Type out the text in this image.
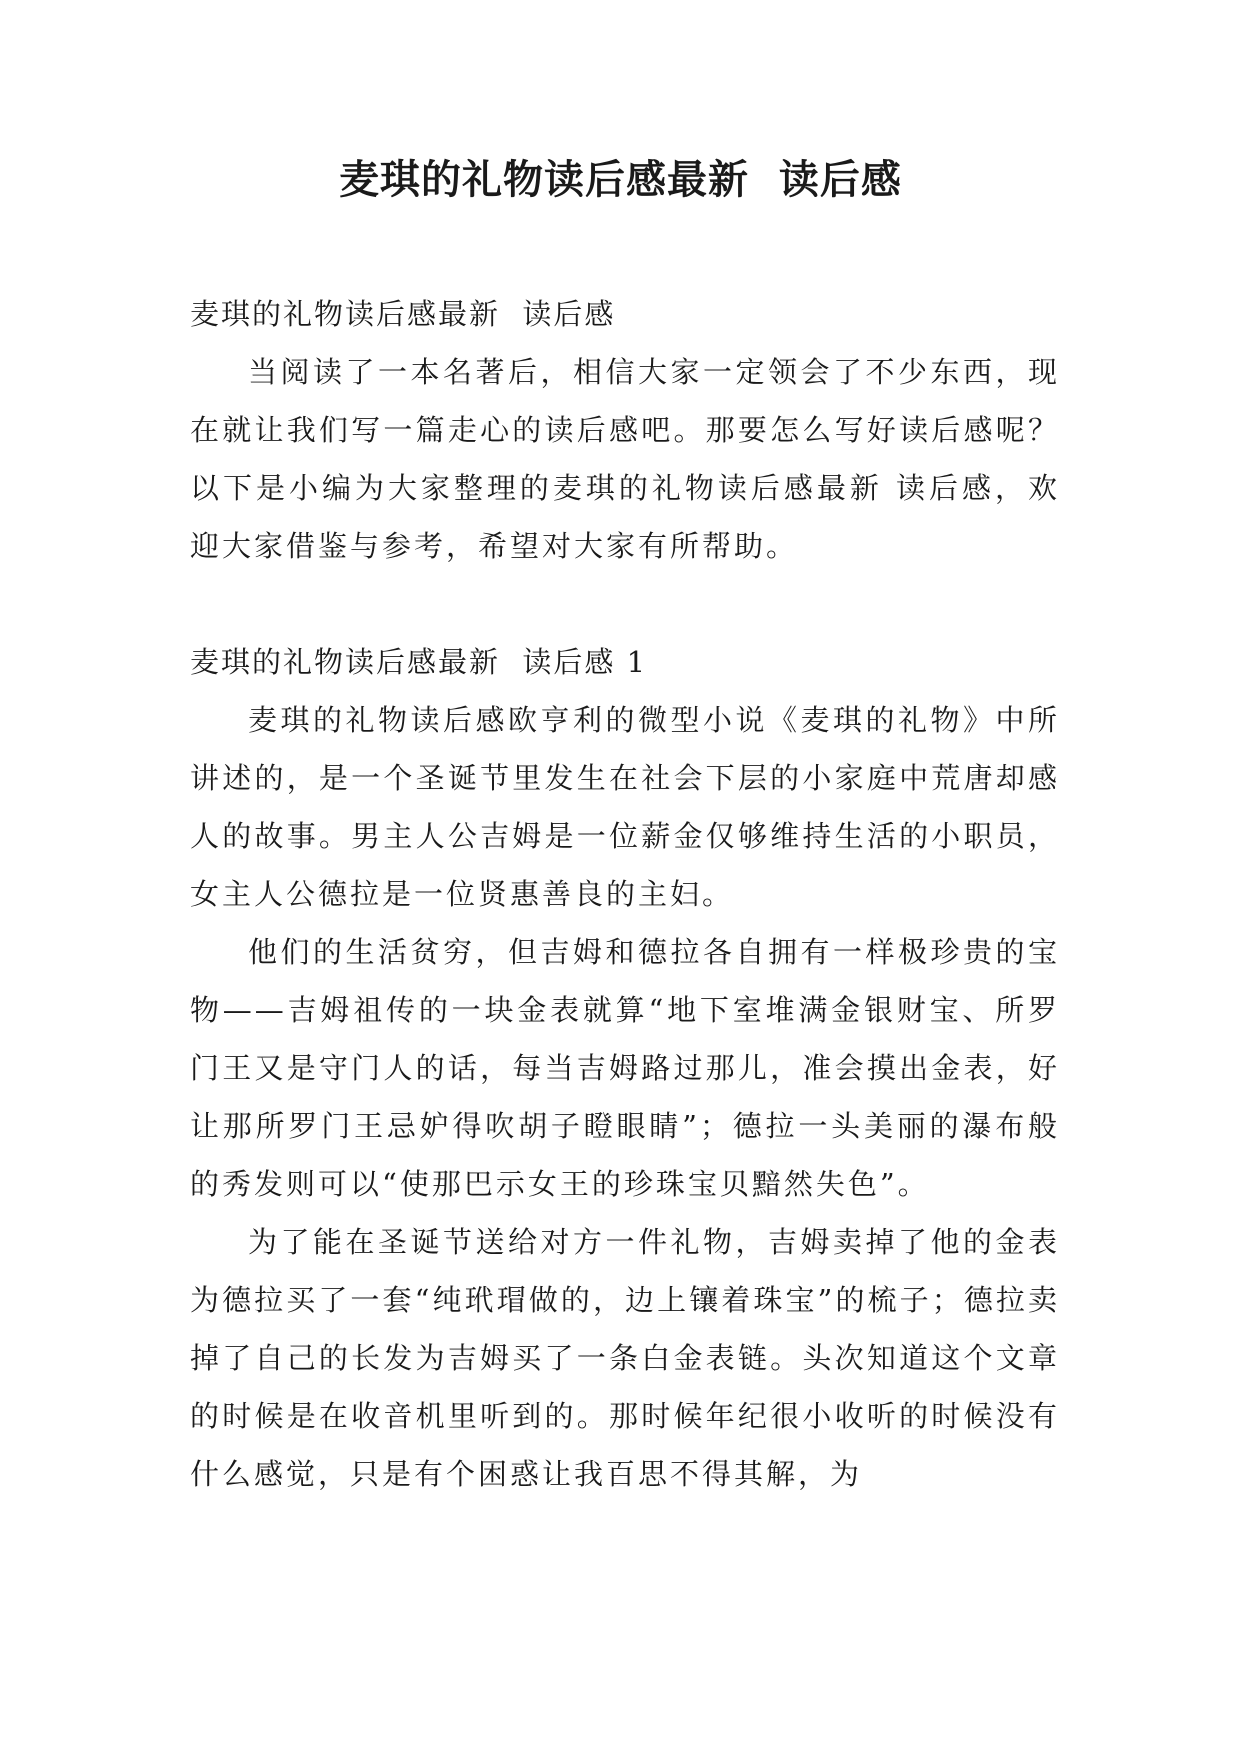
麦琪的礼物读后感最新  读后感
麦琪的礼物读后感最新  读后感

当阅读了一本名著后，相信大家一定领会了不少东西，现在就让我们写一篇走心的读后感吧。那要怎么写好读后感呢？以下是小编为大家整理的麦琪的礼物读后感最新 读后感，欢迎大家借鉴与参考，希望对大家有所帮助。

麦琪的礼物读后感最新  读后感 1

麦琪的礼物读后感欧亨利的微型小说《麦琪的礼物》中所讲述的，是一个圣诞节里发生在社会下层的小家庭中荒唐却感人的故事。男主人公吉姆是一位薪金仅够维持生活的小职员，女主人公德拉是一位贤惠善良的主妇。

他们的生活贫穷，但吉姆和德拉各自拥有一样极珍贵的宝物——吉姆祖传的一块金表就算“地下室堆满金银财宝、所罗门王又是守门人的话，每当吉姆路过那儿，准会摸出金表，好让那所罗门王忌妒得吹胡子瞪眼睛”；德拉一头美丽的瀑布般的秀发则可以“使那巴示女王的珍珠宝贝黯然失色”。

为了能在圣诞节送给对方一件礼物，吉姆卖掉了他的金表为德拉买了一套“纯玳瑁做的，边上镶着珠宝”的梳子；德拉卖掉了自己的长发为吉姆买了一条白金表链。头次知道这个文章的时候是在收音机里听到的。那时候年纪很小收听的时候没有什么感觉，只是有个困惑让我百思不得其解，为
